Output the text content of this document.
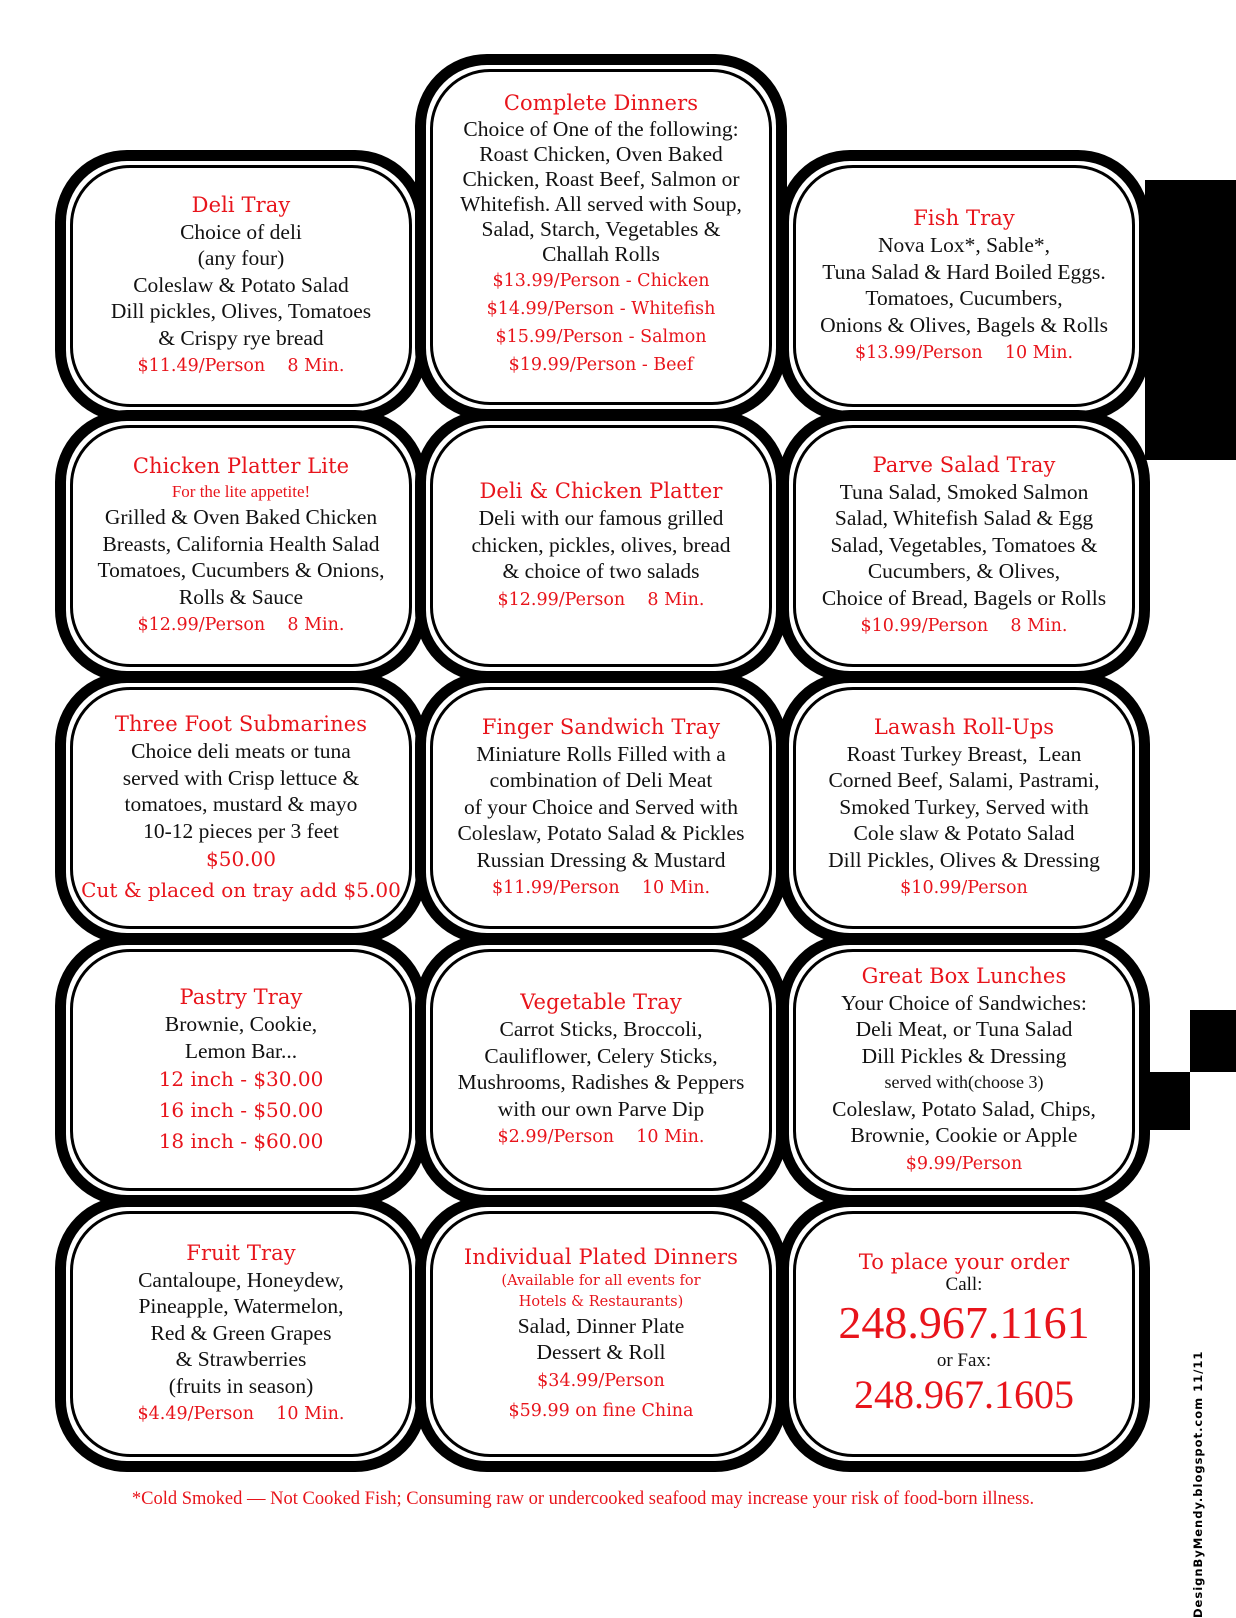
DesignByMendy.blogspot.com 11/11
Deli Tray
Choice of deli
(any four)
Coleslaw & Potato Salad
Dill pickles, Olives, Tomatoes
& Crispy rye bread
$11.49/Person    8 Min.
Complete Dinners
Choice of One of the following:
Roast Chicken, Oven Baked
Chicken, Roast Beef, Salmon or
Whitefish. All served with Soup,
Salad, Starch, Vegetables &
Challah Rolls
$13.99/Person - Chicken
$14.99/Person - Whitefish
$15.99/Person - Salmon
$19.99/Person - Beef
Fish Tray
Nova Lox*, Sable*,
Tuna Salad & Hard Boiled Eggs.
Tomatoes, Cucumbers,
Onions & Olives, Bagels & Rolls
$13.99/Person    10 Min.
Chicken Platter Lite
For the lite appetite!
Grilled & Oven Baked Chicken
Breasts, California Health Salad
Tomatoes, Cucumbers & Onions,
Rolls & Sauce
$12.99/Person    8 Min.
Deli & Chicken Platter
Deli with our famous grilled
chicken, pickles, olives, bread
& choice of two salads
$12.99/Person    8 Min.
Parve Salad Tray
Tuna Salad, Smoked Salmon
Salad, Whitefish Salad & Egg
Salad, Vegetables, Tomatoes &
Cucumbers, & Olives,
Choice of Bread, Bagels or Rolls
$10.99/Person    8 Min.
Three Foot Submarines
Choice deli meats or tuna
served with Crisp lettuce &
tomatoes, mustard & mayo
10-12 pieces per 3 feet
$50.00
Cut & placed on tray add $5.00
Finger Sandwich Tray
Miniature Rolls Filled with a
combination of Deli Meat
of your Choice and Served with
Coleslaw, Potato Salad & Pickles
Russian Dressing & Mustard
$11.99/Person    10 Min.
Lawash Roll-Ups
Roast Turkey Breast,  Lean
Corned Beef, Salami, Pastrami,
Smoked Turkey, Served with
Cole slaw & Potato Salad
Dill Pickles, Olives & Dressing
$10.99/Person
Pastry Tray
Brownie, Cookie,
Lemon Bar...
12 inch - $30.00
16 inch - $50.00
18 inch - $60.00
Vegetable Tray
Carrot Sticks, Broccoli,
Cauliflower, Celery Sticks,
Mushrooms, Radishes & Peppers
with our own Parve Dip
$2.99/Person    10 Min.
Great Box Lunches
Your Choice of Sandwiches:
Deli Meat, or Tuna Salad
Dill Pickles & Dressing
served with(choose 3)
Coleslaw, Potato Salad, Chips,
Brownie, Cookie or Apple
$9.99/Person
Fruit Tray
Cantaloupe, Honeydew,
Pineapple, Watermelon,
Red & Green Grapes
& Strawberries
(fruits in season)
$4.49/Person    10 Min.
Individual Plated Dinners
(Available for all events for
Hotels & Restaurants)
Salad, Dinner Plate
Dessert & Roll
$34.99/Person
$59.99 on fine China
To place your order
Call:
248.967.1161
or Fax:
248.967.1605
*Cold Smoked — Not Cooked Fish; Consuming raw or undercooked seafood may increase your risk of food-born illness.
